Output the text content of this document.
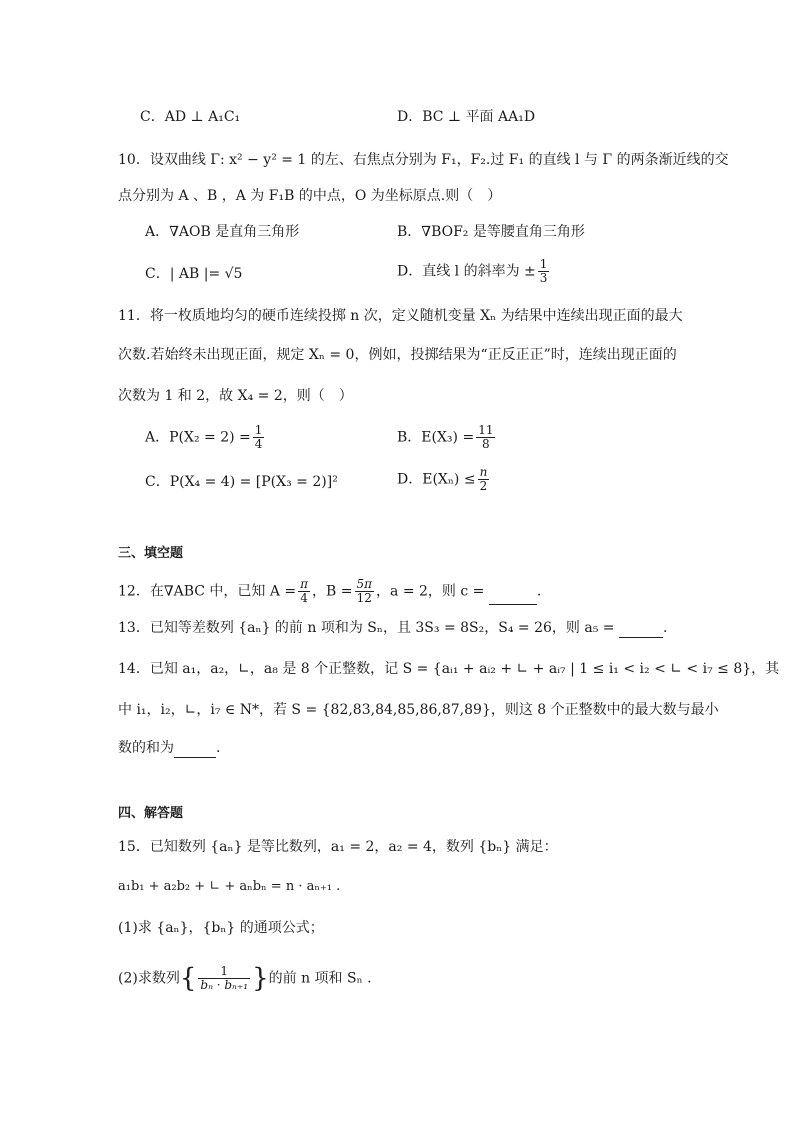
C．AD ⊥ A₁C₁	D．BC ⊥ 平面 AA₁D
10．设双曲线 Γ: x² − y² = 1 的左、右焦点分别为 F₁，F₂.过 F₁ 的直线 l 与 Γ 的两条渐近线的交
点分别为 A 、B ，A 为 F₁B 的中点，O 为坐标原点.则（　）
A．∇AOB 是直角三角形	B．∇BOF₂ 是等腰直角三角形
C．| AB |= √5	D．直线 l 的斜率为 ± $\frac{1}{3}$
11．将一枚质地均匀的硬币连续投掷 n 次，定义随机变量 Xₙ 为结果中连续出现正面的最大
次数.若始终未出现正面，规定 Xₙ = 0，例如，投掷结果为“正反正正”时，连续出现正面的
次数为 1 和 2，故 X₄ = 2，则（　）
A．$P(X_2 = 2) = \frac{1}{4}$	B．$E(X_3) = \frac{11}{8}$
C．P(X₄ = 4) = [P(X₃ = 2)]²	D．$E(X_n) \le \frac{n}{2}$
三、填空题
12．在∇ABC 中，已知 $A = \frac{\pi}{4}$ ，$B = \frac{5\pi}{12}$ ，a = 2，则 c =	.
13．已知等差数列 {aₙ} 的前 n 项和为 Sₙ，且 3S₃ = 8S₂，S₄ = 26，则 a₅ =	.
14．已知 a₁，a₂，∟，a₈ 是 8 个正整数，记 S = {aᵢ₁ + aᵢ₂ + ∟ + aᵢ₇ | 1 ≤ i₁ < i₂ < ∟ < i₇ ≤ 8}，其
中 i₁，i₂，∟，i₇ ∈ N*，若 S = {82,83,84,85,86,87,89}，则这 8 个正整数中的最大数与最小
数的和为	.
四、解答题
15．已知数列 {aₙ} 是等比数列，a₁ = 2，a₂ = 4，数列 {bₙ} 满足：
a₁b₁ + a₂b₂ + ∟ + aₙbₙ = n · aₙ₊₁ .
(1)求 {aₙ}，{bₙ} 的通项公式；
(2)求数列{ $\frac{1}{\text{bₙ · bₙ₊₁}}$ }的前 n 项和 Sₙ .
